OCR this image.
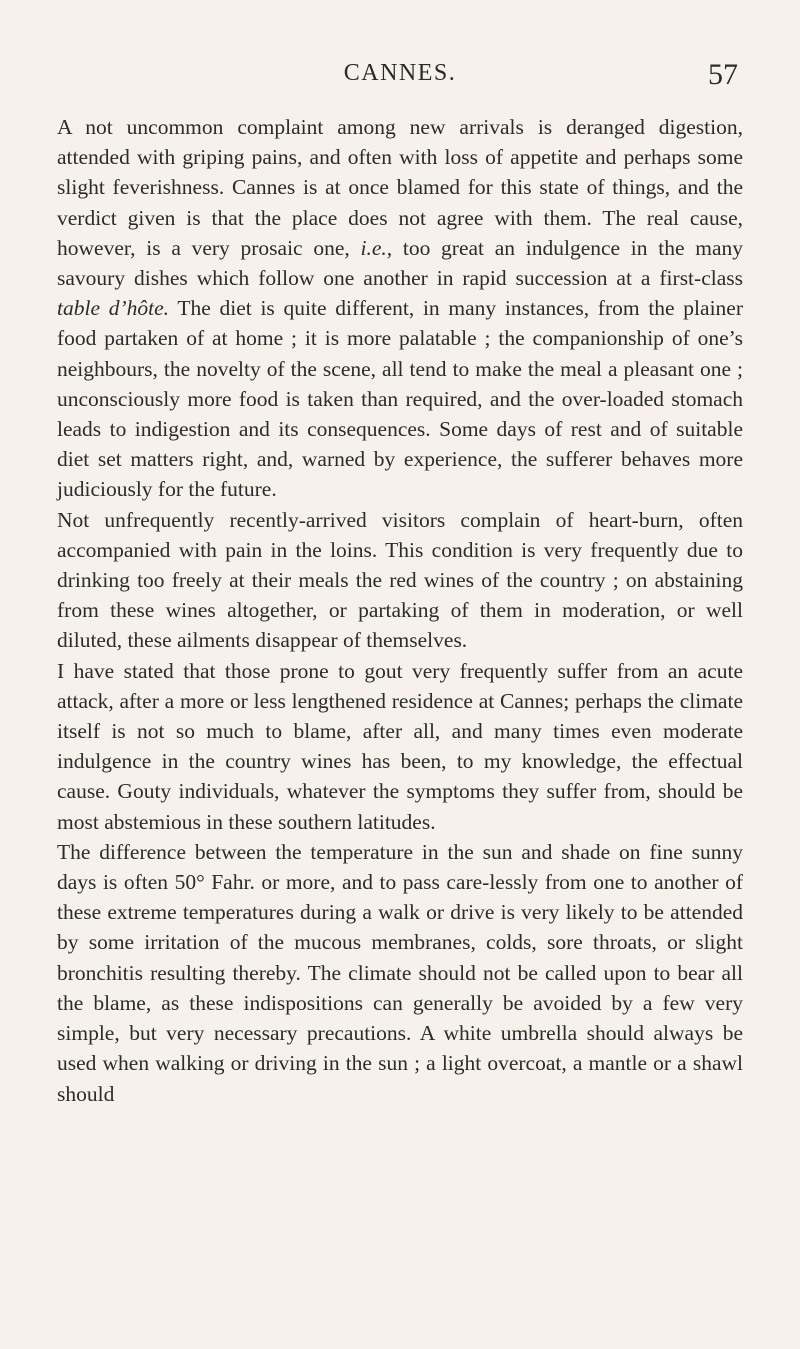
CANNES.	57

A not uncommon complaint among new arrivals is deranged digestion, attended with griping pains, and often with loss of appetite and perhaps some slight feverishness. Cannes is at once blamed for this state of things, and the verdict given is that the place does not agree with them. The real cause, however, is a very prosaic one, i.e., too great an indulgence in the many savoury dishes which follow one another in rapid succession at a first-class table d’hôte. The diet is quite different, in many instances, from the plainer food partaken of at home ; it is more palatable ; the companionship of one’s neighbours, the novelty of the scene, all tend to make the meal a pleasant one ; unconsciously more food is taken than required, and the over-loaded stomach leads to indigestion and its consequences. Some days of rest and of suitable diet set matters right, and, warned by experience, the sufferer behaves more judiciously for the future.

Not unfrequently recently-arrived visitors complain of heart-burn, often accompanied with pain in the loins. This condition is very frequently due to drinking too freely at their meals the red wines of the country ; on abstaining from these wines altogether, or partaking of them in moderation, or well diluted, these ailments disappear of themselves.

I have stated that those prone to gout very frequently suffer from an acute attack, after a more or less lengthened residence at Cannes; perhaps the climate itself is not so much to blame, after all, and many times even moderate indulgence in the country wines has been, to my knowledge, the effectual cause. Gouty individuals, whatever the symptoms they suffer from, should be most abstemious in these southern latitudes.

The difference between the temperature in the sun and shade on fine sunny days is often 50° Fahr. or more, and to pass care-lessly from one to another of these extreme temperatures during a walk or drive is very likely to be attended by some irritation of the mucous membranes, colds, sore throats, or slight bronchitis resulting thereby. The climate should not be called upon to bear all the blame, as these indispositions can generally be avoided by a few very simple, but very necessary precautions. A white umbrella should always be used when walking or driving in the sun ; a light overcoat, a mantle or a shawl should
